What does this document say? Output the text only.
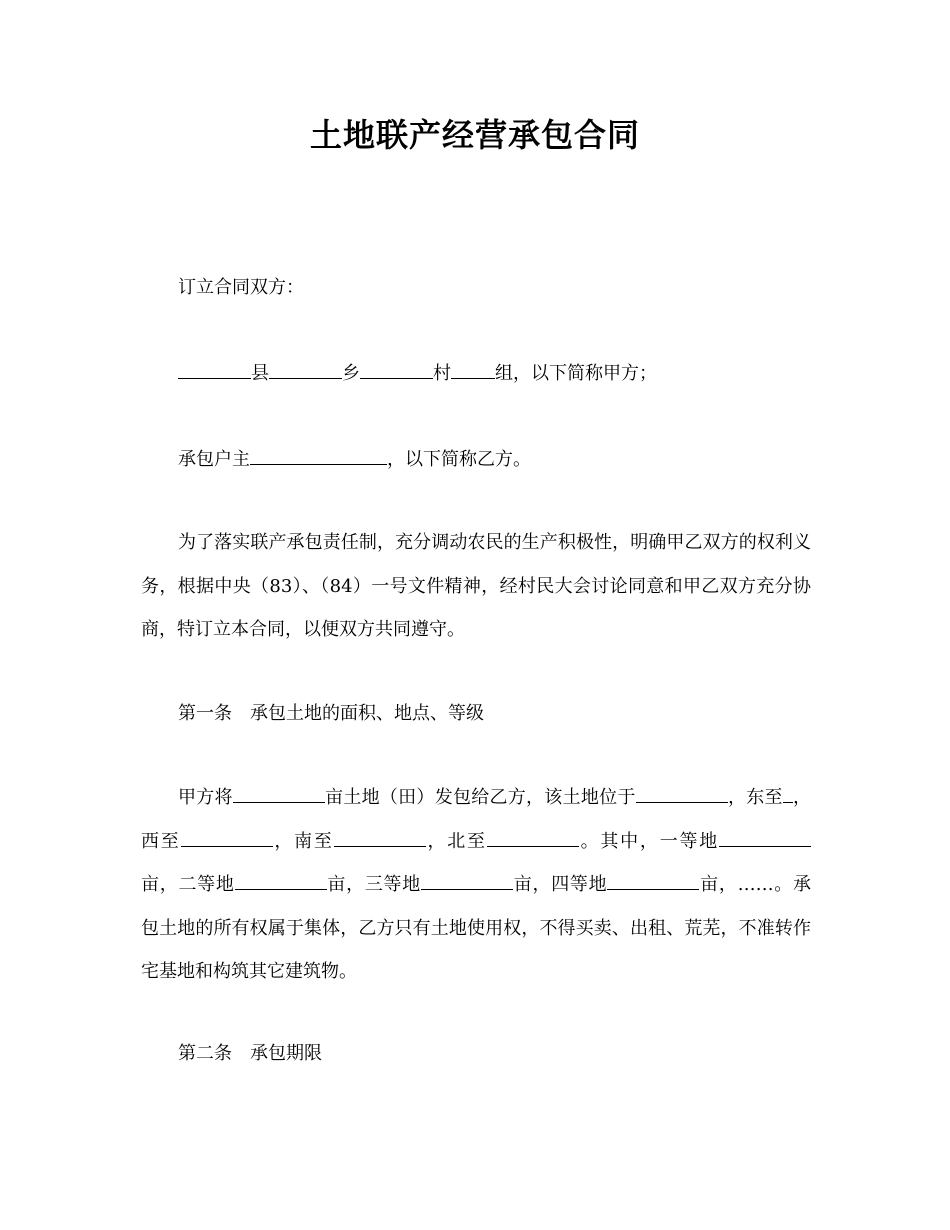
土地联产经营承包合同
订立合同双方：
县	乡	村 组，以下简称甲方；
承包户主	，以下简称乙方。
为了落实联产承包责任制，充分调动农民的生产积极性，明确甲乙双方的权利义务，根据中央（83）、（84）一号文件精神，经村民大会讨论同意和甲乙双方充分协商，特订立本合同，以便双方共同遵守。
第一条 承包土地的面积、地点、等级
甲方将	亩土地（田）发包给乙方，该土地位于	，东至 ，西至	，南至	，北至	。其中，一等地亩，二等地	亩，三等地	亩，四等地	亩，……。承包土地的所有权属于集体，乙方只有土地使用权，不得买卖、出租、荒芜，不准转作宅基地和构筑其它建筑物。
第二条 承包期限
